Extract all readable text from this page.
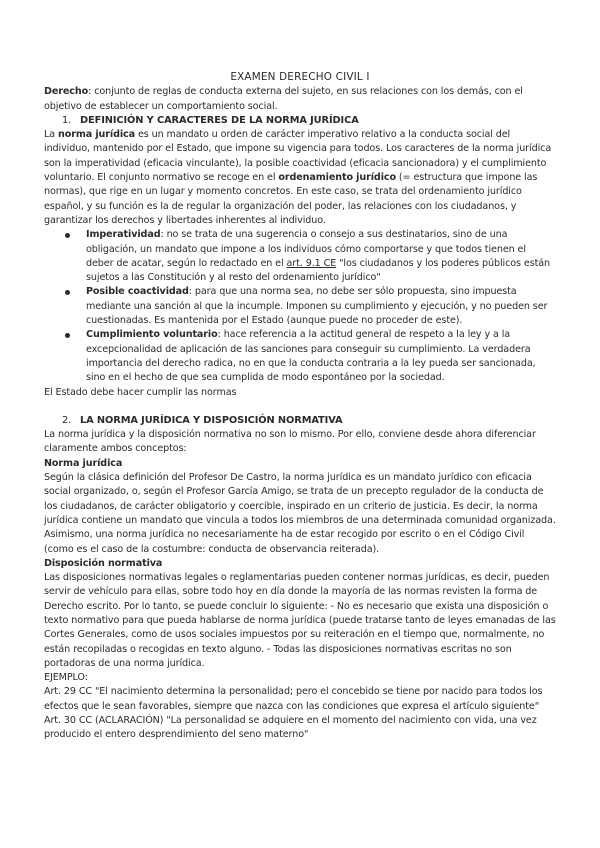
EXAMEN DERECHO CIVIL I

Derecho: conjunto de reglas de conducta externa del sujeto, en sus relaciones con los demás, con el objetivo de establecer un comportamiento social.

1. DEFINICIÓN Y CARACTERES DE LA NORMA JURÍDICA

La norma jurídica es un mandato u orden de carácter imperativo relativo a la conducta social del individuo, mantenido por el Estado, que impone su vigencia para todos. Los caracteres de la norma jurídica son la imperatividad (eficacia vinculante), la posible coactividad (eficacia sancionadora) y el cumplimiento voluntario. El conjunto normativo se recoge en el ordenamiento jurídico (= estructura que impone las normas), que rige en un lugar y momento concretos. En este caso, se trata del ordenamiento jurídico español, y su función es la de regular la organización del poder, las relaciones con los ciudadanos, y garantizar los derechos y libertades inherentes al individuo.

Imperatividad: no se trata de una sugerencia o consejo a sus destinatarios, sino de una obligación, un mandato que impone a los individuos cómo comportarse y que todos tienen el deber de acatar, según lo redactado en el art. 9.1 CE "los ciudadanos y los poderes públicos están sujetos a las Constitución y al resto del ordenamiento jurídico"
Posible coactividad: para que una norma sea, no debe ser sólo propuesta, sino impuesta mediante una sanción al que la incumple. Imponen su cumplimiento y ejecución, y no pueden ser cuestionadas. Es mantenida por el Estado (aunque puede no proceder de este).
Cumplimiento voluntario: hace referencia a la actitud general de respeto a la ley y a la excepcionalidad de aplicación de las sanciones para conseguir su cumplimiento. La verdadera importancia del derecho radica, no en que la conducta contraria a la ley pueda ser sancionada, sino en el hecho de que sea cumplida de modo espontáneo por la sociedad.

El Estado debe hacer cumplir las normas

2. LA NORMA JURÍDICA Y DISPOSICIÓN NORMATIVA

La norma jurídica y la disposición normativa no son lo mismo. Por ello, conviene desde ahora diferenciar claramente ambos conceptos:

Norma jurídica

Según la clásica definición del Profesor De Castro, la norma jurídica es un mandato jurídico con eficacia social organizado, o, según el Profesor García Amigo, se trata de un precepto regulador de la conducta de los ciudadanos, de carácter obligatorio y coercible, inspirado en un criterio de justicia. Es decir, la norma jurídica contiene un mandato que vincula a todos los miembros de una determinada comunidad organizada. Asimismo, una norma jurídica no necesariamente ha de estar recogido por escrito o en el Código Civil (como es el caso de la costumbre: conducta de observancia reiterada).

Disposición normativa

Las disposiciones normativas legales o reglamentarias pueden contener normas jurídicas, es decir, pueden servir de vehículo para ellas, sobre todo hoy en día donde la mayoría de las normas revisten la forma de Derecho escrito. Por lo tanto, se puede concluir lo siguiente: - No es necesario que exista una disposición o texto normativo para que pueda hablarse de norma jurídica (puede tratarse tanto de leyes emanadas de las Cortes Generales, como de usos sociales impuestos por su reiteración en el tiempo que, normalmente, no están recopiladas o recogidas en texto alguno. - Todas las disposiciones normativas escritas no son portadoras de una norma jurídica.

EJEMPLO:

Art. 29 CC "El nacimiento determina la personalidad; pero el concebido se tiene por nacido para todos los efectos que le sean favorables, siempre que nazca con las condiciones que expresa el artículo siguiente"

Art. 30 CC (ACLARACIÓN) "La personalidad se adquiere en el momento del nacimiento con vida, una vez producido el entero desprendimiento del seno materno"
